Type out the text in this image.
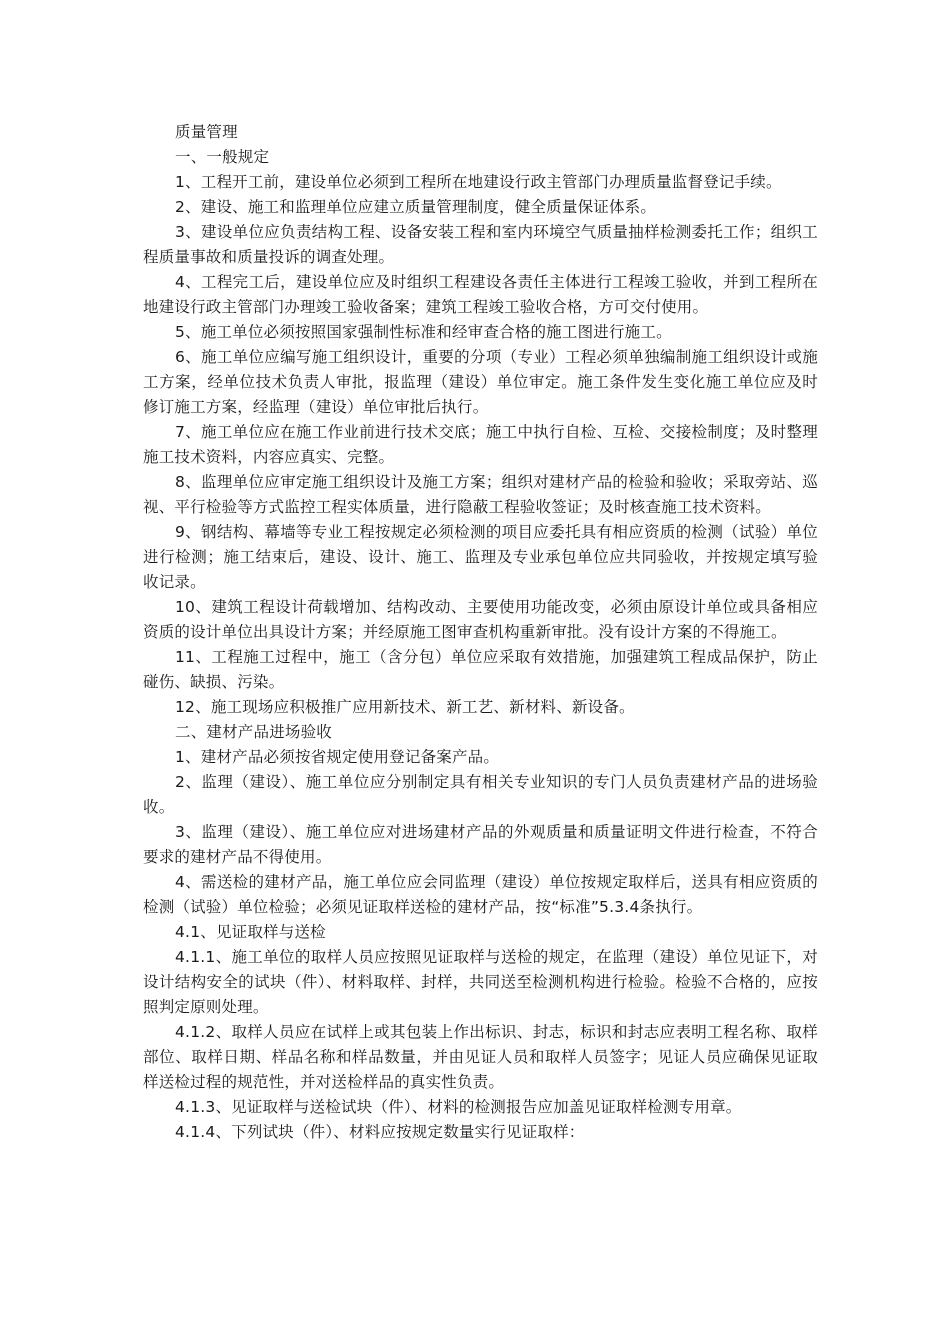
质量管理

一、一般规定

1、工程开工前，建设单位必须到工程所在地建设行政主管部门办理质量监督登记手续。

2、建设、施工和监理单位应建立质量管理制度，健全质量保证体系。

3、建设单位应负责结构工程、设备安装工程和室内环境空气质量抽样检测委托工作；组织工程质量事故和质量投诉的调查处理。

4、工程完工后，建设单位应及时组织工程建设各责任主体进行工程竣工验收，并到工程所在地建设行政主管部门办理竣工验收备案；建筑工程竣工验收合格，方可交付使用。

5、施工单位必须按照国家强制性标准和经审查合格的施工图进行施工。

6、施工单位应编写施工组织设计，重要的分项（专业）工程必须单独编制施工组织设计或施工方案，经单位技术负责人审批，报监理（建设）单位审定。施工条件发生变化施工单位应及时修订施工方案，经监理（建设）单位审批后执行。

7、施工单位应在施工作业前进行技术交底；施工中执行自检、互检、交接检制度；及时整理施工技术资料，内容应真实、完整。

8、监理单位应审定施工组织设计及施工方案；组织对建材产品的检验和验收；采取旁站、巡视、平行检验等方式监控工程实体质量，进行隐蔽工程验收签证；及时核查施工技术资料。

9、钢结构、幕墙等专业工程按规定必须检测的项目应委托具有相应资质的检测（试验）单位进行检测；施工结束后，建设、设计、施工、监理及专业承包单位应共同验收，并按规定填写验收记录。

10、建筑工程设计荷载增加、结构改动、主要使用功能改变，必须由原设计单位或具备相应资质的设计单位出具设计方案；并经原施工图审查机构重新审批。没有设计方案的不得施工。

11、工程施工过程中，施工（含分包）单位应采取有效措施，加强建筑工程成品保护，防止碰伤、缺损、污染。

12、施工现场应积极推广应用新技术、新工艺、新材料、新设备。

二、建材产品进场验收

1、建材产品必须按省规定使用登记备案产品。

2、监理（建设）、施工单位应分别制定具有相关专业知识的专门人员负责建材产品的进场验收。

3、监理（建设）、施工单位应对进场建材产品的外观质量和质量证明文件进行检查，不符合要求的建材产品不得使用。

4、需送检的建材产品，施工单位应会同监理（建设）单位按规定取样后，送具有相应资质的检测（试验）单位检验；必须见证取样送检的建材产品，按“标准”5.3.4条执行。

4.1、见证取样与送检

4.1.1、施工单位的取样人员应按照见证取样与送检的规定，在监理（建设）单位见证下，对设计结构安全的试块（件）、材料取样、封样，共同送至检测机构进行检验。检验不合格的，应按照判定原则处理。

4.1.2、取样人员应在试样上或其包装上作出标识、封志，标识和封志应表明工程名称、取样部位、取样日期、样品名称和样品数量，并由见证人员和取样人员签字；见证人员应确保见证取样送检过程的规范性，并对送检样品的真实性负责。

4.1.3、见证取样与送检试块（件）、材料的检测报告应加盖见证取样检测专用章。

4.1.4、下列试块（件）、材料应按规定数量实行见证取样：
